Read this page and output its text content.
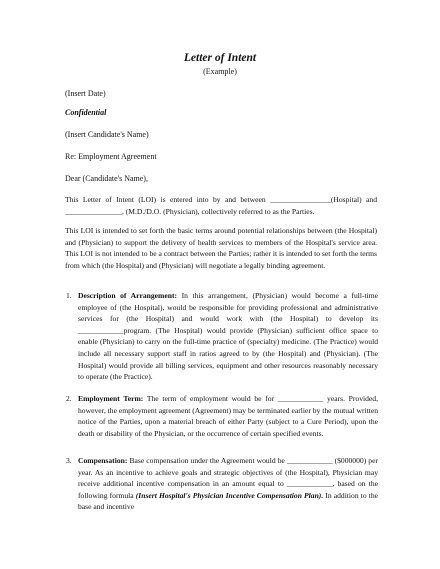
Letter of Intent
(Example)
(Insert Date)
Confidential
(Insert Candidate's Name)
Re: Employment Agreement
Dear (Candidate's Name),
This Letter of Intent (LOI) is entered into by and between ________________(Hospital) and _______________, (M.D./D.O. (Physician), collectively referred to as the Parties.
This LOI is intended to set forth the basic terms around potential relationships between (the Hospital) and (Physician) to support the delivery of health services to members of the Hospital's service area. This LOI is not intended to be a contract between the Parties; rather it is intended to set forth the terms from which (the Hospital) and (Physician) will negotiate a legally binding agreement.
1. Description of Arrangement: In this arrangement, (Physician) would become a full-time employee of (the Hospital), would be responsible for providing professional and administrative services for (the Hospital) and would work with (the Hospital) to develop its ____________program. (The Hospital) would provide (Physician) sufficient office space to enable (Physician) to carry on the full-time practice of (specialty) medicine. (The Practice) would include all necessary support staff in ratios agreed to by (the Hospital) and (Physician). (The Hospital) would provide all billing services, equipment and other resources reasonably necessary to operate (the Practice).
2. Employment Term: The term of employment would be for ____________ years. Provided, however, the employment agreement (Agreement) may be terminated earlier by the mutual written notice of the Parties, upon a material breach of either Party (subject to a Cure Period), upon the death or disability of the Physician, or the occurrence of certain specified events.
3. Compensation: Base compensation under the Agreement would be ____________ ($000000) per year. As an incentive to achieve goals and strategic objectives of (the Hospital), Physician may receive additional incentive compensation in an amount equal to ____________, based on the following formula (Insert Hospital's Physician Incentive Compensation Plan). In addition to the base and incentive
